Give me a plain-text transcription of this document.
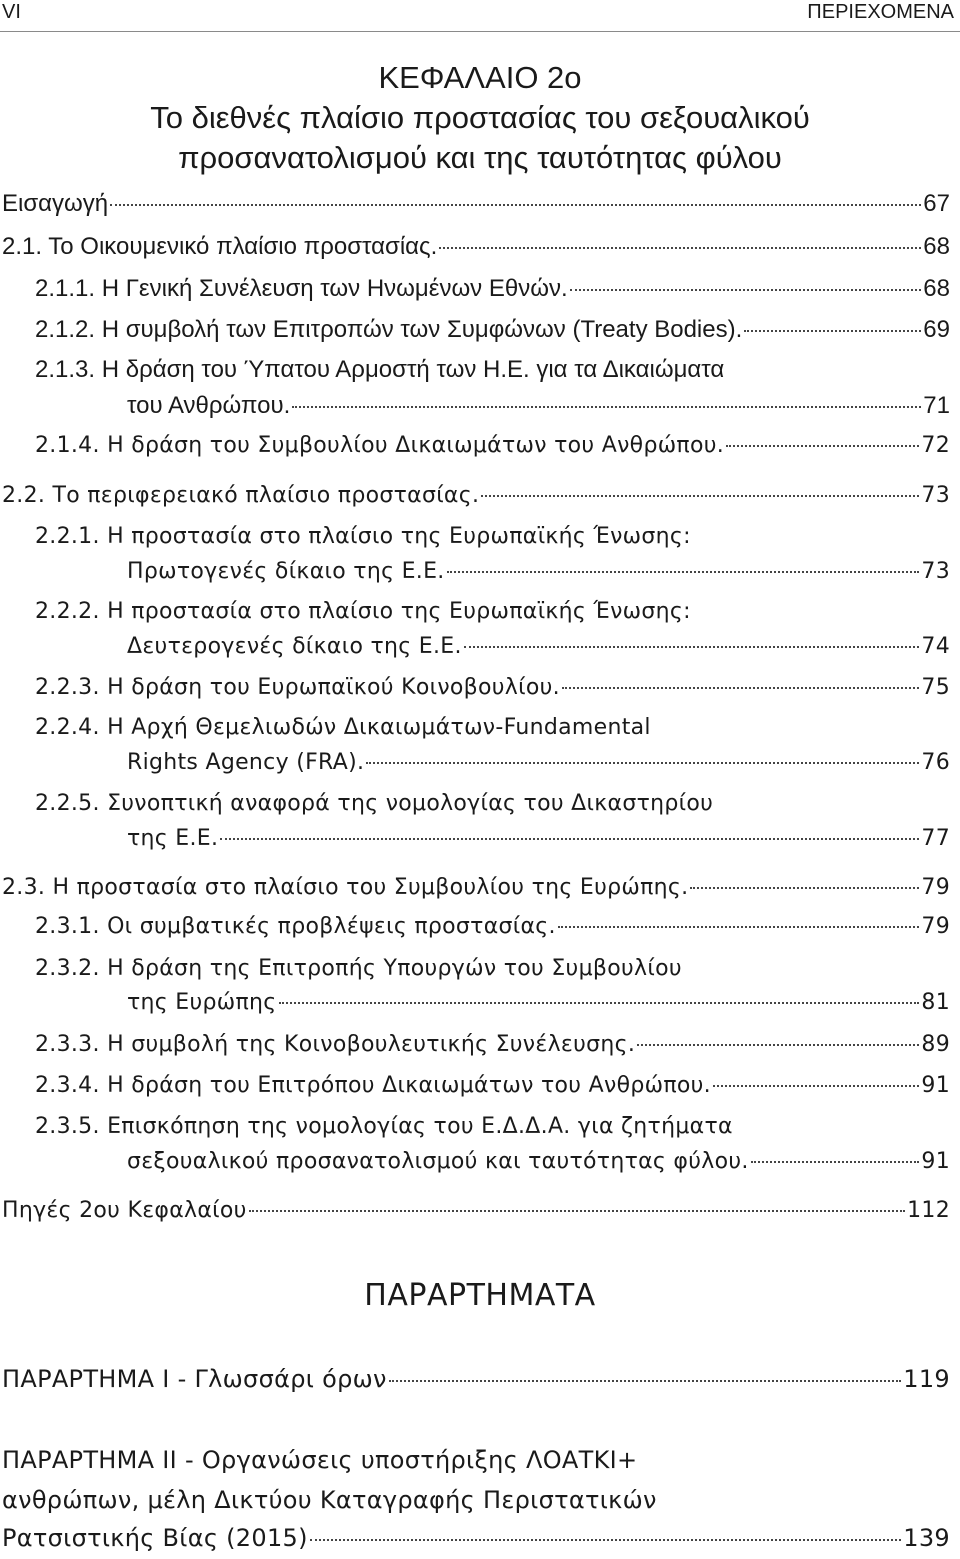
VI	ΠΕΡΙΕΧΟΜΕΝΑ
ΚΕΦΑΛΑΙΟ 2ο
Το διεθνές πλαίσιο προστασίας του σεξουαλικού
προσανατολισμού και της ταυτότητας φύλου
Εισαγωγή	67
2.1. Το Οικουμενικό πλαίσιο προστασίας.	68
2.1.1. Η Γενική Συνέλευση των Ηνωμένων Εθνών.	68
2.1.2. Η συμβολή των Επιτροπών των Συμφώνων (Treaty Bodies).	69
2.1.3. Η δράση του Ύπατου Αρμοστή των Η.Ε. για τα Δικαιώματα
του Ανθρώπου.	71
2.1.4. Η δράση του Συμβουλίου Δικαιωμάτων του Ανθρώπου.	72
2.2. Το περιφερειακό πλαίσιο προστασίας.	73
2.2.1. Η προστασία στο πλαίσιο της Ευρωπαϊκής Ένωσης:
Πρωτογενές δίκαιο της Ε.Ε.	73
2.2.2. Η προστασία στο πλαίσιο της Ευρωπαϊκής Ένωσης:
Δευτερογενές δίκαιο της Ε.Ε.	74
2.2.3. Η δράση του Ευρωπαϊκού Κοινοβουλίου.	75
2.2.4. Η Αρχή Θεμελιωδών Δικαιωμάτων-Fundamental
Rights Agency (FRA).	76
2.2.5. Συνοπτική αναφορά της νομολογίας του Δικαστηρίου
της Ε.Ε.	77
2.3. Η προστασία στο πλαίσιο του Συμβουλίου της Ευρώπης.	79
2.3.1. Οι συμβατικές προβλέψεις προστασίας.	79
2.3.2. Η δράση της Επιτροπής Υπουργών του Συμβουλίου
της Ευρώπης	81
2.3.3. Η συμβολή της Κοινοβουλευτικής Συνέλευσης.	89
2.3.4. Η δράση του Επιτρόπου Δικαιωμάτων του Ανθρώπου.	91
2.3.5. Επισκόπηση της νομολογίας του Ε.Δ.Δ.Α. για ζητήματα
σεξουαλικού προσανατολισμού και ταυτότητας φύλου.	91
Πηγές 2ου Κεφαλαίου	112
ΠΑΡΑΡΤΗΜΑΤΑ
ΠΑΡΑΡΤΗΜΑ Ι - Γλωσσάρι όρων	119
ΠΑΡΑΡΤΗΜΑ ΙΙ - Οργανώσεις υποστήριξης ΛΟΑΤΚΙ+
ανθρώπων, μέλη Δικτύου Καταγραφής Περιστατικών
Ρατσιστικής Βίας (2015)	139
